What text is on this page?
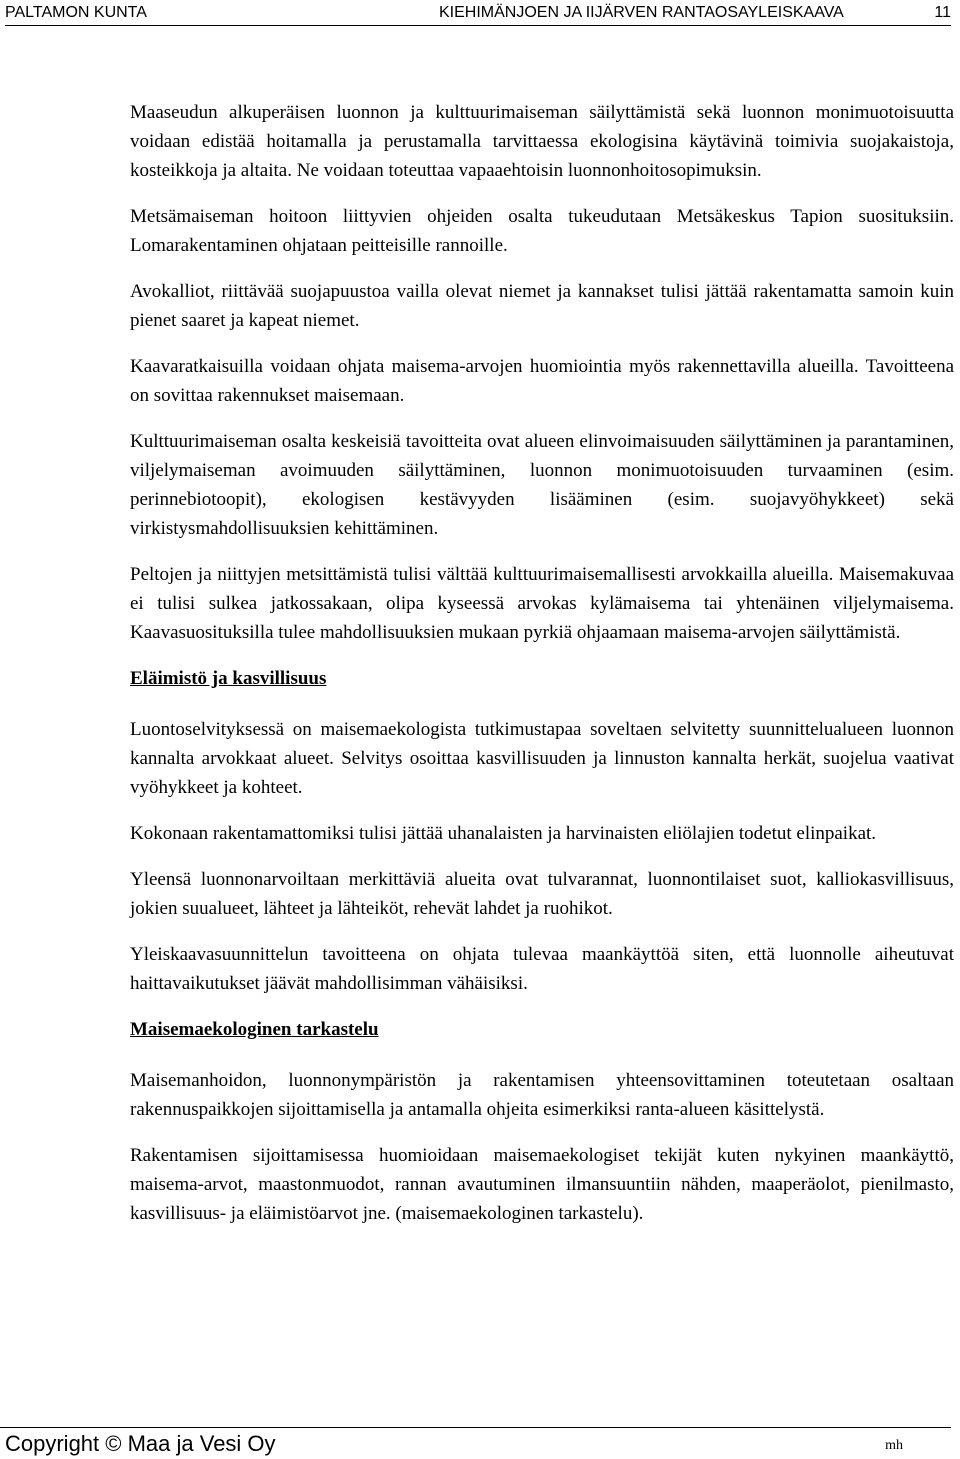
PALTAMON KUNTA	KIEHIMÄNJOEN JA IIJÄRVEN RANTAOSAYLEISKAAVA	11

Maaseudun alkuperäisen luonnon ja kulttuurimaiseman säilyttämistä sekä luonnon monimuotoisuutta voidaan edistää hoitamalla ja perustamalla tarvittaessa ekologisina käytävinä toimivia suojakaistoja, kosteikkoja ja altaita. Ne voidaan toteuttaa vapaaehtoisin luonnonhoitosopimuksin.

Metsämaiseman hoitoon liittyvien ohjeiden osalta tukeudutaan Metsäkeskus Tapion suosituksiin. Lomarakentaminen ohjataan peitteisille rannoille.

Avokalliot, riittävää suojapuustoa vailla olevat niemet ja kannakset tulisi jättää rakentamatta samoin kuin pienet saaret ja kapeat niemet.

Kaavaratkaisuilla voidaan ohjata maisema-arvojen huomiointia myös rakennettavilla alueilla. Tavoitteena on sovittaa rakennukset maisemaan.

Kulttuurimaiseman osalta keskeisiä tavoitteita ovat alueen elinvoimaisuuden säilyttäminen ja parantaminen, viljelymaiseman avoimuuden säilyttäminen, luonnon monimuotoisuuden turvaaminen (esim. perinnebiotoopit), ekologisen kestävyyden lisääminen (esim. suojavyöhykkeet) sekä virkistysmahdollisuuksien kehittäminen.

Peltojen ja niittyjen metsittämistä tulisi välttää kulttuurimaisemallisesti arvokkailla alueilla. Maisemakuvaa ei tulisi sulkea jatkossakaan, olipa kyseessä arvokas kylämaisema tai yhtenäinen viljelymaisema. Kaavasuosituksilla tulee mahdollisuuksien mukaan pyrkiä ohjaamaan maisema-arvojen säilyttämistä.

Eläimistö ja kasvillisuus

Luontoselvityksessä on maisemaekologista tutkimustapaa soveltaen selvitetty suunnittelualueen luonnon kannalta arvokkaat alueet. Selvitys osoittaa kasvillisuuden ja linnuston kannalta herkät, suojelua vaativat vyöhykkeet ja kohteet.

Kokonaan rakentamattomiksi tulisi jättää uhanalaisten ja harvinaisten eliölajien todetut elinpaikat.

Yleensä luonnonarvoiltaan merkittäviä alueita ovat tulvarannat, luonnontilaiset suot, kalliokasvillisuus, jokien suualueet, lähteet ja lähteiköt, rehevät lahdet ja ruohikot.

Yleiskaavasuunnittelun tavoitteena on ohjata tulevaa maankäyttöä siten, että luonnolle aiheutuvat haittavaikutukset jäävät mahdollisimman vähäisiksi.

Maisemaekologinen tarkastelu

Maisemanhoidon, luonnonympäristön ja rakentamisen yhteensovittaminen toteutetaan osaltaan rakennuspaikkojen sijoittamisella ja antamalla ohjeita esimerkiksi ranta-alueen käsittelystä.

Rakentamisen sijoittamisessa huomioidaan maisemaekologiset tekijät kuten nykyinen maankäyttö, maisema-arvot, maastonmuodot, rannan avautuminen ilmansuuntiin nähden, maaperäolot, pienilmasto, kasvillisuus- ja eläimistöarvot jne. (maisemaekologinen tarkastelu).

Copyright © Maa ja Vesi Oy	mh
